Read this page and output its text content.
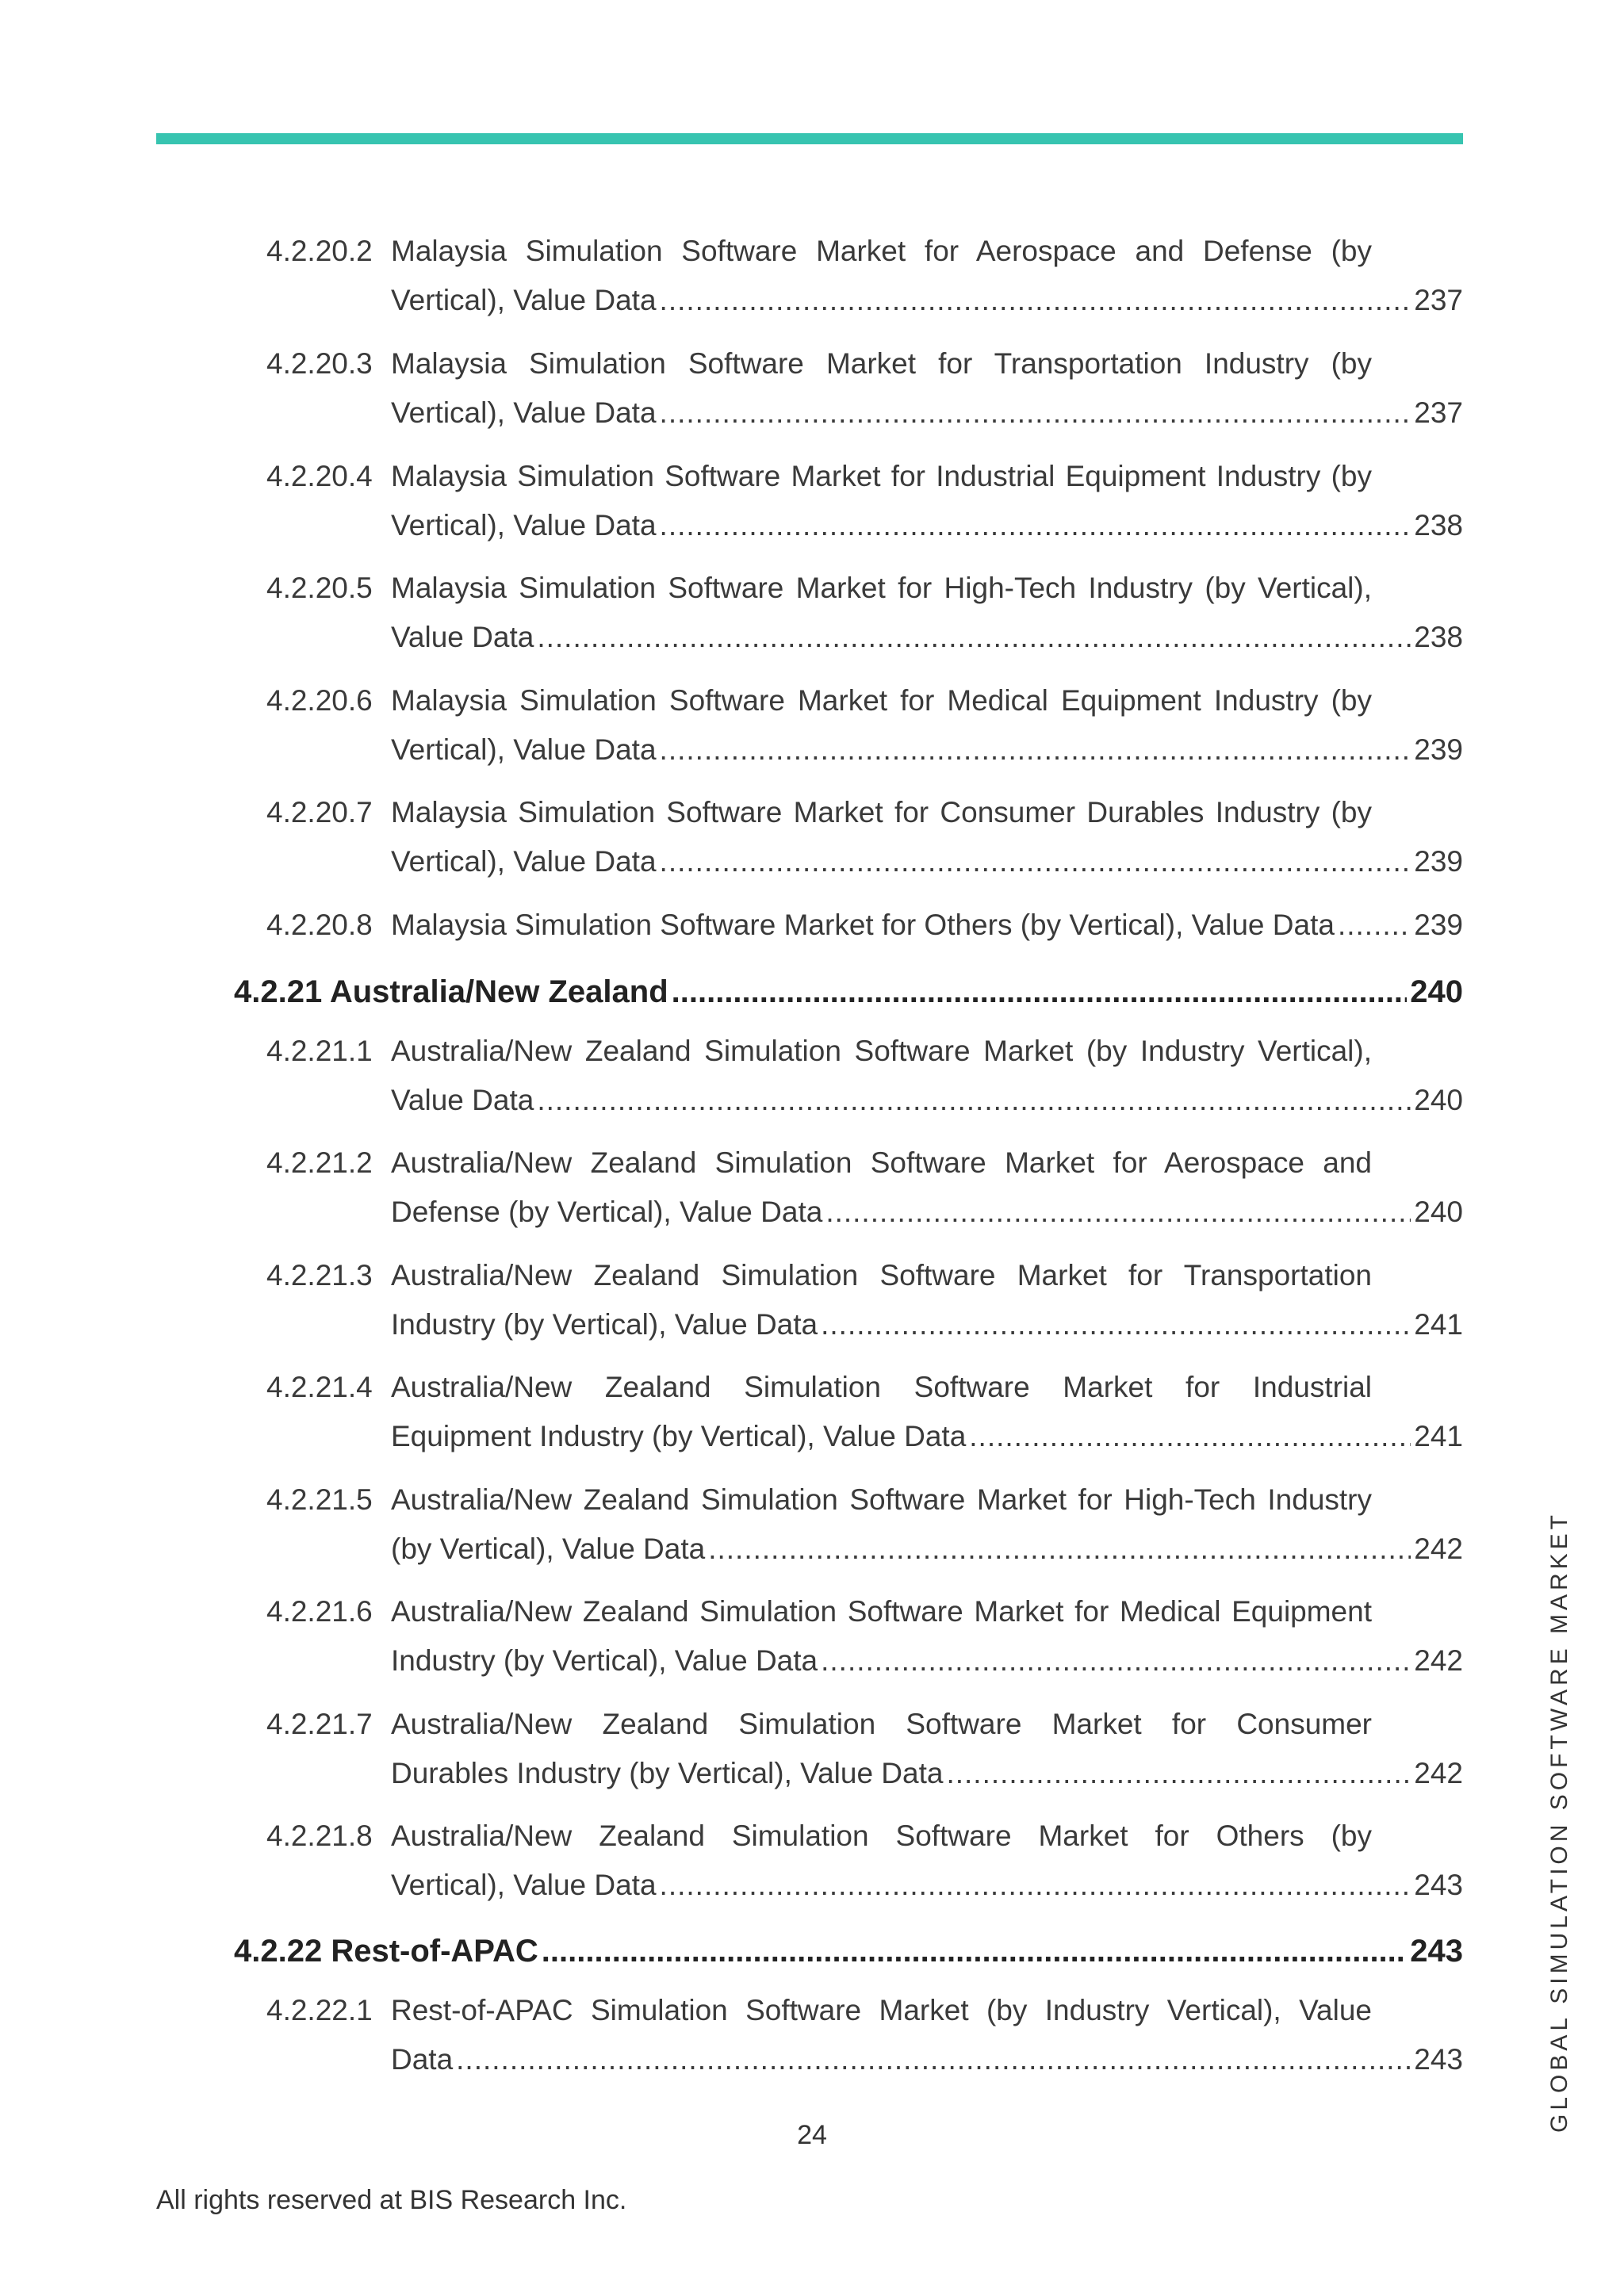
4.2.20.2 Malaysia Simulation Software Market for Aerospace and Defense (by
Vertical), Value Data .....	237
4.2.20.3 Malaysia Simulation Software Market for Transportation Industry (by
Vertical), Value Data .....	237
4.2.20.4 Malaysia Simulation Software Market for Industrial Equipment Industry (by
Vertical), Value Data .....	238
4.2.20.5 Malaysia Simulation Software Market for High-Tech Industry (by Vertical),
Value Data .....	238
4.2.20.6 Malaysia Simulation Software Market for Medical Equipment Industry (by
Vertical), Value Data .....	239
4.2.20.7 Malaysia Simulation Software Market for Consumer Durables Industry (by
Vertical), Value Data .....	239
4.2.20.8 Malaysia Simulation Software Market for Others (by Vertical), Value Data .....	239
4.2.21 Australia/New Zealand .....	240
4.2.21.1 Australia/New Zealand Simulation Software Market (by Industry Vertical),
Value Data .....	240
4.2.21.2 Australia/New Zealand Simulation Software Market for Aerospace and
Defense (by Vertical), Value Data .....	240
4.2.21.3 Australia/New Zealand Simulation Software Market for Transportation
Industry (by Vertical), Value Data .....	241
4.2.21.4 Australia/New Zealand Simulation Software Market for Industrial
Equipment Industry (by Vertical), Value Data .....	241
4.2.21.5 Australia/New Zealand Simulation Software Market for High-Tech Industry
(by Vertical), Value Data .....	242
4.2.21.6 Australia/New Zealand Simulation Software Market for Medical Equipment
Industry (by Vertical), Value Data .....	242
4.2.21.7 Australia/New Zealand Simulation Software Market for Consumer
Durables Industry (by Vertical), Value Data .....	242
4.2.21.8 Australia/New Zealand Simulation Software Market for Others (by
Vertical), Value Data .....	243
4.2.22 Rest-of-APAC .....	243
4.2.22.1 Rest-of-APAC Simulation Software Market (by Industry Vertical), Value
Data .....	243
24
All rights reserved at BIS Research Inc.
GLOBAL SIMULATION SOFTWARE MARKET
